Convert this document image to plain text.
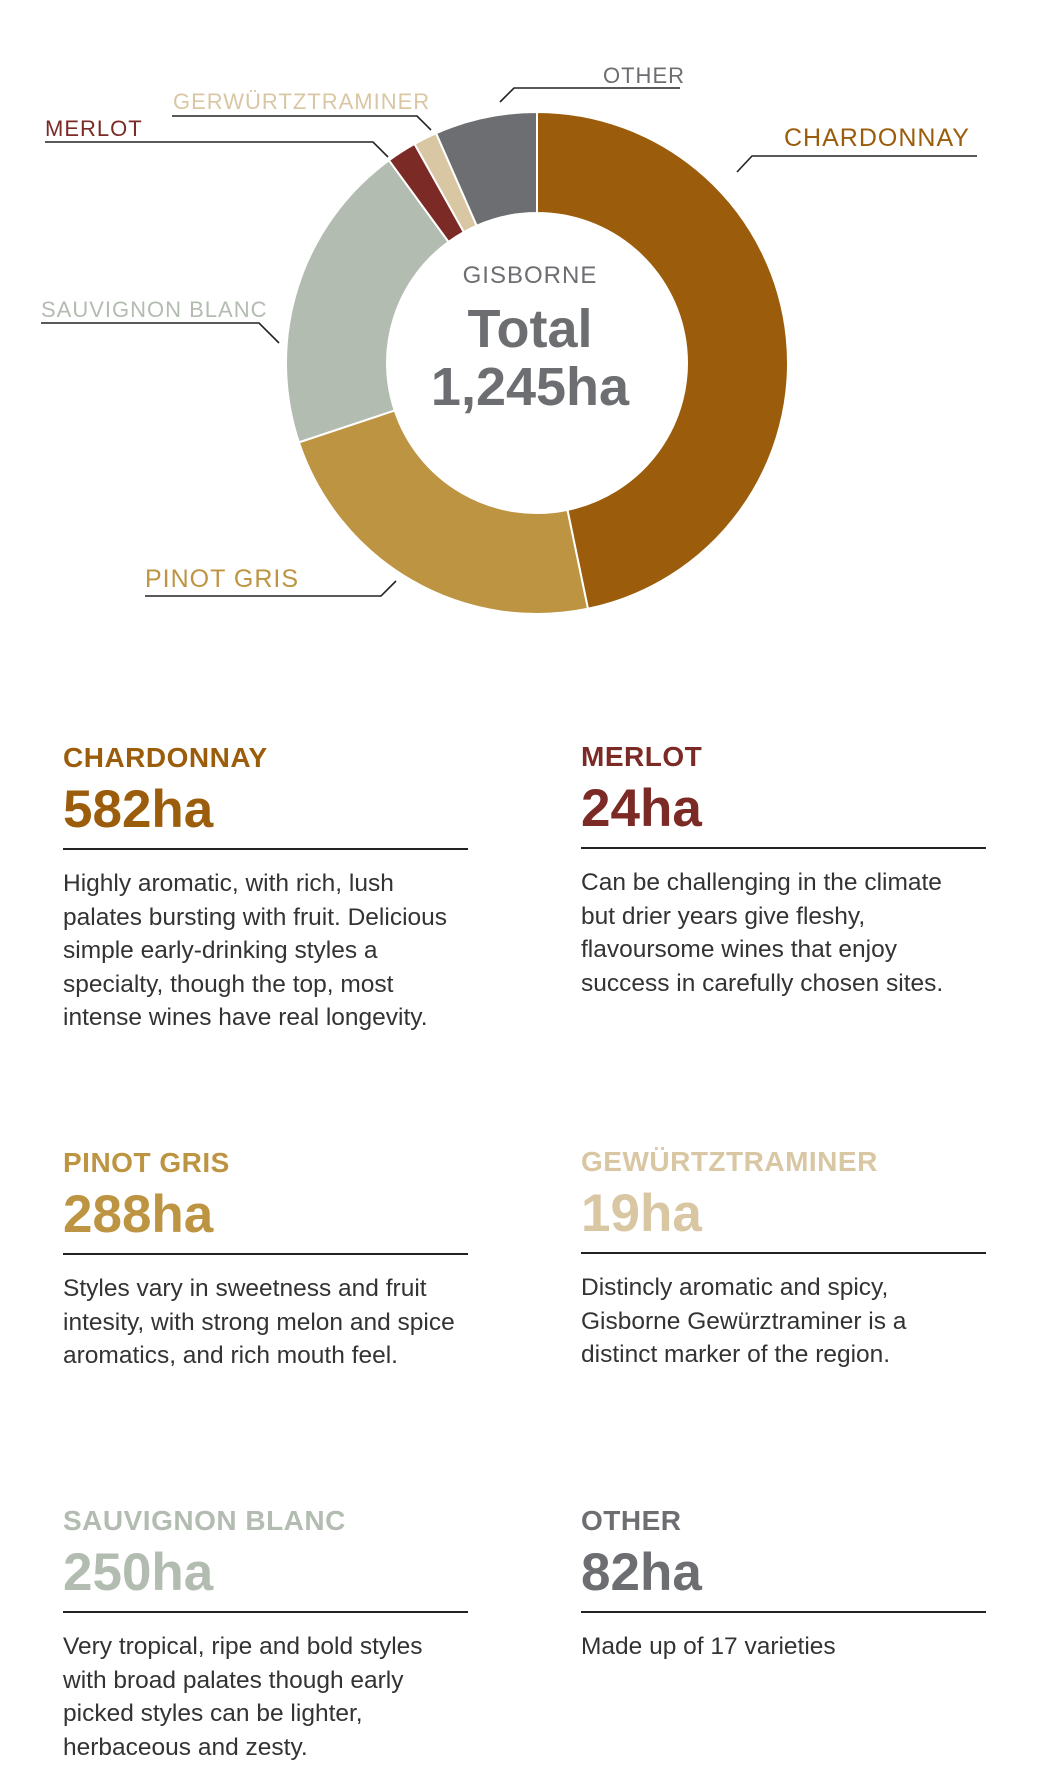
CHARDONNAY
OTHER
GERWÜRTZTRAMINER
MERLOT
SAUVIGNON BLANC
PINOT GRIS
GISBORNE
Total
1,245ha
CHARDONNAY
582ha
Highly aromatic, with rich, lush palates bursting with fruit. Delicious simple early-drinking styles a specialty, though the top, most intense wines have real longevity.
MERLOT
24ha
Can be challenging in the climate but drier years give fleshy, flavoursome wines that enjoy success in carefully chosen sites.
PINOT GRIS
288ha
Styles vary in sweetness and fruit intesity, with strong melon and spice aromatics, and rich mouth feel.
GEWÜRTZTRAMINER
19ha
Distincly aromatic and spicy, Gisborne Gewürztraminer is a distinct marker of the region.
SAUVIGNON BLANC
250ha
Very tropical, ripe and bold styles with broad palates though early picked styles can be lighter, herbaceous and zesty.
OTHER
82ha
Made up of 17 varieties
